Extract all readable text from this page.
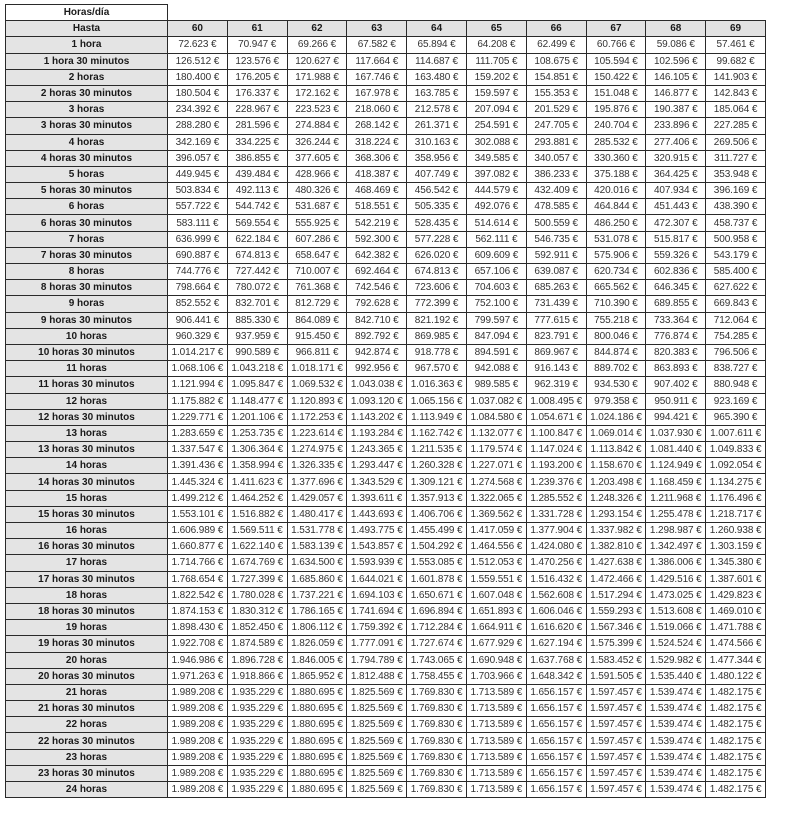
Horas/día										
Hasta	60	61	62	63	64	65	66	67	68	69
1 hora	72.623 €	70.947 €	69.266 €	67.582 €	65.894 €	64.208 €	62.499 €	60.766 €	59.086 €	57.461 €
1 hora 30 minutos	126.512 €	123.576 €	120.627 €	117.664 €	114.687 €	111.705 €	108.675 €	105.594 €	102.596 €	99.682 €
2 horas	180.400 €	176.205 €	171.988 €	167.746 €	163.480 €	159.202 €	154.851 €	150.422 €	146.105 €	141.903 €
2 horas 30 minutos	180.504 €	176.337 €	172.162 €	167.978 €	163.785 €	159.597 €	155.353 €	151.048 €	146.877 €	142.843 €
3 horas	234.392 €	228.967 €	223.523 €	218.060 €	212.578 €	207.094 €	201.529 €	195.876 €	190.387 €	185.064 €
3 horas 30 minutos	288.280 €	281.596 €	274.884 €	268.142 €	261.371 €	254.591 €	247.705 €	240.704 €	233.896 €	227.285 €
4 horas	342.169 €	334.225 €	326.244 €	318.224 €	310.163 €	302.088 €	293.881 €	285.532 €	277.406 €	269.506 €
4 horas 30 minutos	396.057 €	386.855 €	377.605 €	368.306 €	358.956 €	349.585 €	340.057 €	330.360 €	320.915 €	311.727 €
5 horas	449.945 €	439.484 €	428.966 €	418.387 €	407.749 €	397.082 €	386.233 €	375.188 €	364.425 €	353.948 €
5 horas 30 minutos	503.834 €	492.113 €	480.326 €	468.469 €	456.542 €	444.579 €	432.409 €	420.016 €	407.934 €	396.169 €
6 horas	557.722 €	544.742 €	531.687 €	518.551 €	505.335 €	492.076 €	478.585 €	464.844 €	451.443 €	438.390 €
6 horas 30 minutos	583.111 €	569.554 €	555.925 €	542.219 €	528.435 €	514.614 €	500.559 €	486.250 €	472.307 €	458.737 €
7 horas	636.999 €	622.184 €	607.286 €	592.300 €	577.228 €	562.111 €	546.735 €	531.078 €	515.817 €	500.958 €
7 horas 30 minutos	690.887 €	674.813 €	658.647 €	642.382 €	626.020 €	609.609 €	592.911 €	575.906 €	559.326 €	543.179 €
8 horas	744.776 €	727.442 €	710.007 €	692.464 €	674.813 €	657.106 €	639.087 €	620.734 €	602.836 €	585.400 €
8 horas 30 minutos	798.664 €	780.072 €	761.368 €	742.546 €	723.606 €	704.603 €	685.263 €	665.562 €	646.345 €	627.622 €
9 horas	852.552 €	832.701 €	812.729 €	792.628 €	772.399 €	752.100 €	731.439 €	710.390 €	689.855 €	669.843 €
9 horas 30 minutos	906.441 €	885.330 €	864.089 €	842.710 €	821.192 €	799.597 €	777.615 €	755.218 €	733.364 €	712.064 €
10 horas	960.329 €	937.959 €	915.450 €	892.792 €	869.985 €	847.094 €	823.791 €	800.046 €	776.874 €	754.285 €
10 horas 30 minutos	1.014.217 €	990.589 €	966.811 €	942.874 €	918.778 €	894.591 €	869.967 €	844.874 €	820.383 €	796.506 €
11 horas	1.068.106 €	1.043.218 €	1.018.171 €	992.956 €	967.570 €	942.088 €	916.143 €	889.702 €	863.893 €	838.727 €
11 horas 30 minutos	1.121.994 €	1.095.847 €	1.069.532 €	1.043.038 €	1.016.363 €	989.585 €	962.319 €	934.530 €	907.402 €	880.948 €
12 horas	1.175.882 €	1.148.477 €	1.120.893 €	1.093.120 €	1.065.156 €	1.037.082 €	1.008.495 €	979.358 €	950.911 €	923.169 €
12 horas 30 minutos	1.229.771 €	1.201.106 €	1.172.253 €	1.143.202 €	1.113.949 €	1.084.580 €	1.054.671 €	1.024.186 €	994.421 €	965.390 €
13 horas	1.283.659 €	1.253.735 €	1.223.614 €	1.193.284 €	1.162.742 €	1.132.077 €	1.100.847 €	1.069.014 €	1.037.930 €	1.007.611 €
13 horas 30 minutos	1.337.547 €	1.306.364 €	1.274.975 €	1.243.365 €	1.211.535 €	1.179.574 €	1.147.024 €	1.113.842 €	1.081.440 €	1.049.833 €
14 horas	1.391.436 €	1.358.994 €	1.326.335 €	1.293.447 €	1.260.328 €	1.227.071 €	1.193.200 €	1.158.670 €	1.124.949 €	1.092.054 €
14 horas 30 minutos	1.445.324 €	1.411.623 €	1.377.696 €	1.343.529 €	1.309.121 €	1.274.568 €	1.239.376 €	1.203.498 €	1.168.459 €	1.134.275 €
15 horas	1.499.212 €	1.464.252 €	1.429.057 €	1.393.611 €	1.357.913 €	1.322.065 €	1.285.552 €	1.248.326 €	1.211.968 €	1.176.496 €
15 horas 30 minutos	1.553.101 €	1.516.882 €	1.480.417 €	1.443.693 €	1.406.706 €	1.369.562 €	1.331.728 €	1.293.154 €	1.255.478 €	1.218.717 €
16 horas	1.606.989 €	1.569.511 €	1.531.778 €	1.493.775 €	1.455.499 €	1.417.059 €	1.377.904 €	1.337.982 €	1.298.987 €	1.260.938 €
16 horas 30 minutos	1.660.877 €	1.622.140 €	1.583.139 €	1.543.857 €	1.504.292 €	1.464.556 €	1.424.080 €	1.382.810 €	1.342.497 €	1.303.159 €
17 horas	1.714.766 €	1.674.769 €	1.634.500 €	1.593.939 €	1.553.085 €	1.512.053 €	1.470.256 €	1.427.638 €	1.386.006 €	1.345.380 €
17 horas 30 minutos	1.768.654 €	1.727.399 €	1.685.860 €	1.644.021 €	1.601.878 €	1.559.551 €	1.516.432 €	1.472.466 €	1.429.516 €	1.387.601 €
18 horas	1.822.542 €	1.780.028 €	1.737.221 €	1.694.103 €	1.650.671 €	1.607.048 €	1.562.608 €	1.517.294 €	1.473.025 €	1.429.823 €
18 horas 30 minutos	1.874.153 €	1.830.312 €	1.786.165 €	1.741.694 €	1.696.894 €	1.651.893 €	1.606.046 €	1.559.293 €	1.513.608 €	1.469.010 €
19 horas	1.898.430 €	1.852.450 €	1.806.112 €	1.759.392 €	1.712.284 €	1.664.911 €	1.616.620 €	1.567.346 €	1.519.066 €	1.471.788 €
19 horas 30 minutos	1.922.708 €	1.874.589 €	1.826.059 €	1.777.091 €	1.727.674 €	1.677.929 €	1.627.194 €	1.575.399 €	1.524.524 €	1.474.566 €
20 horas	1.946.986 €	1.896.728 €	1.846.005 €	1.794.789 €	1.743.065 €	1.690.948 €	1.637.768 €	1.583.452 €	1.529.982 €	1.477.344 €
20 horas 30 minutos	1.971.263 €	1.918.866 €	1.865.952 €	1.812.488 €	1.758.455 €	1.703.966 €	1.648.342 €	1.591.505 €	1.535.440 €	1.480.122 €
21 horas	1.989.208 €	1.935.229 €	1.880.695 €	1.825.569 €	1.769.830 €	1.713.589 €	1.656.157 €	1.597.457 €	1.539.474 €	1.482.175 €
21 horas 30 minutos	1.989.208 €	1.935.229 €	1.880.695 €	1.825.569 €	1.769.830 €	1.713.589 €	1.656.157 €	1.597.457 €	1.539.474 €	1.482.175 €
22 horas	1.989.208 €	1.935.229 €	1.880.695 €	1.825.569 €	1.769.830 €	1.713.589 €	1.656.157 €	1.597.457 €	1.539.474 €	1.482.175 €
22 horas 30 minutos	1.989.208 €	1.935.229 €	1.880.695 €	1.825.569 €	1.769.830 €	1.713.589 €	1.656.157 €	1.597.457 €	1.539.474 €	1.482.175 €
23 horas	1.989.208 €	1.935.229 €	1.880.695 €	1.825.569 €	1.769.830 €	1.713.589 €	1.656.157 €	1.597.457 €	1.539.474 €	1.482.175 €
23 horas 30 minutos	1.989.208 €	1.935.229 €	1.880.695 €	1.825.569 €	1.769.830 €	1.713.589 €	1.656.157 €	1.597.457 €	1.539.474 €	1.482.175 €
24 horas	1.989.208 €	1.935.229 €	1.880.695 €	1.825.569 €	1.769.830 €	1.713.589 €	1.656.157 €	1.597.457 €	1.539.474 €	1.482.175 €
